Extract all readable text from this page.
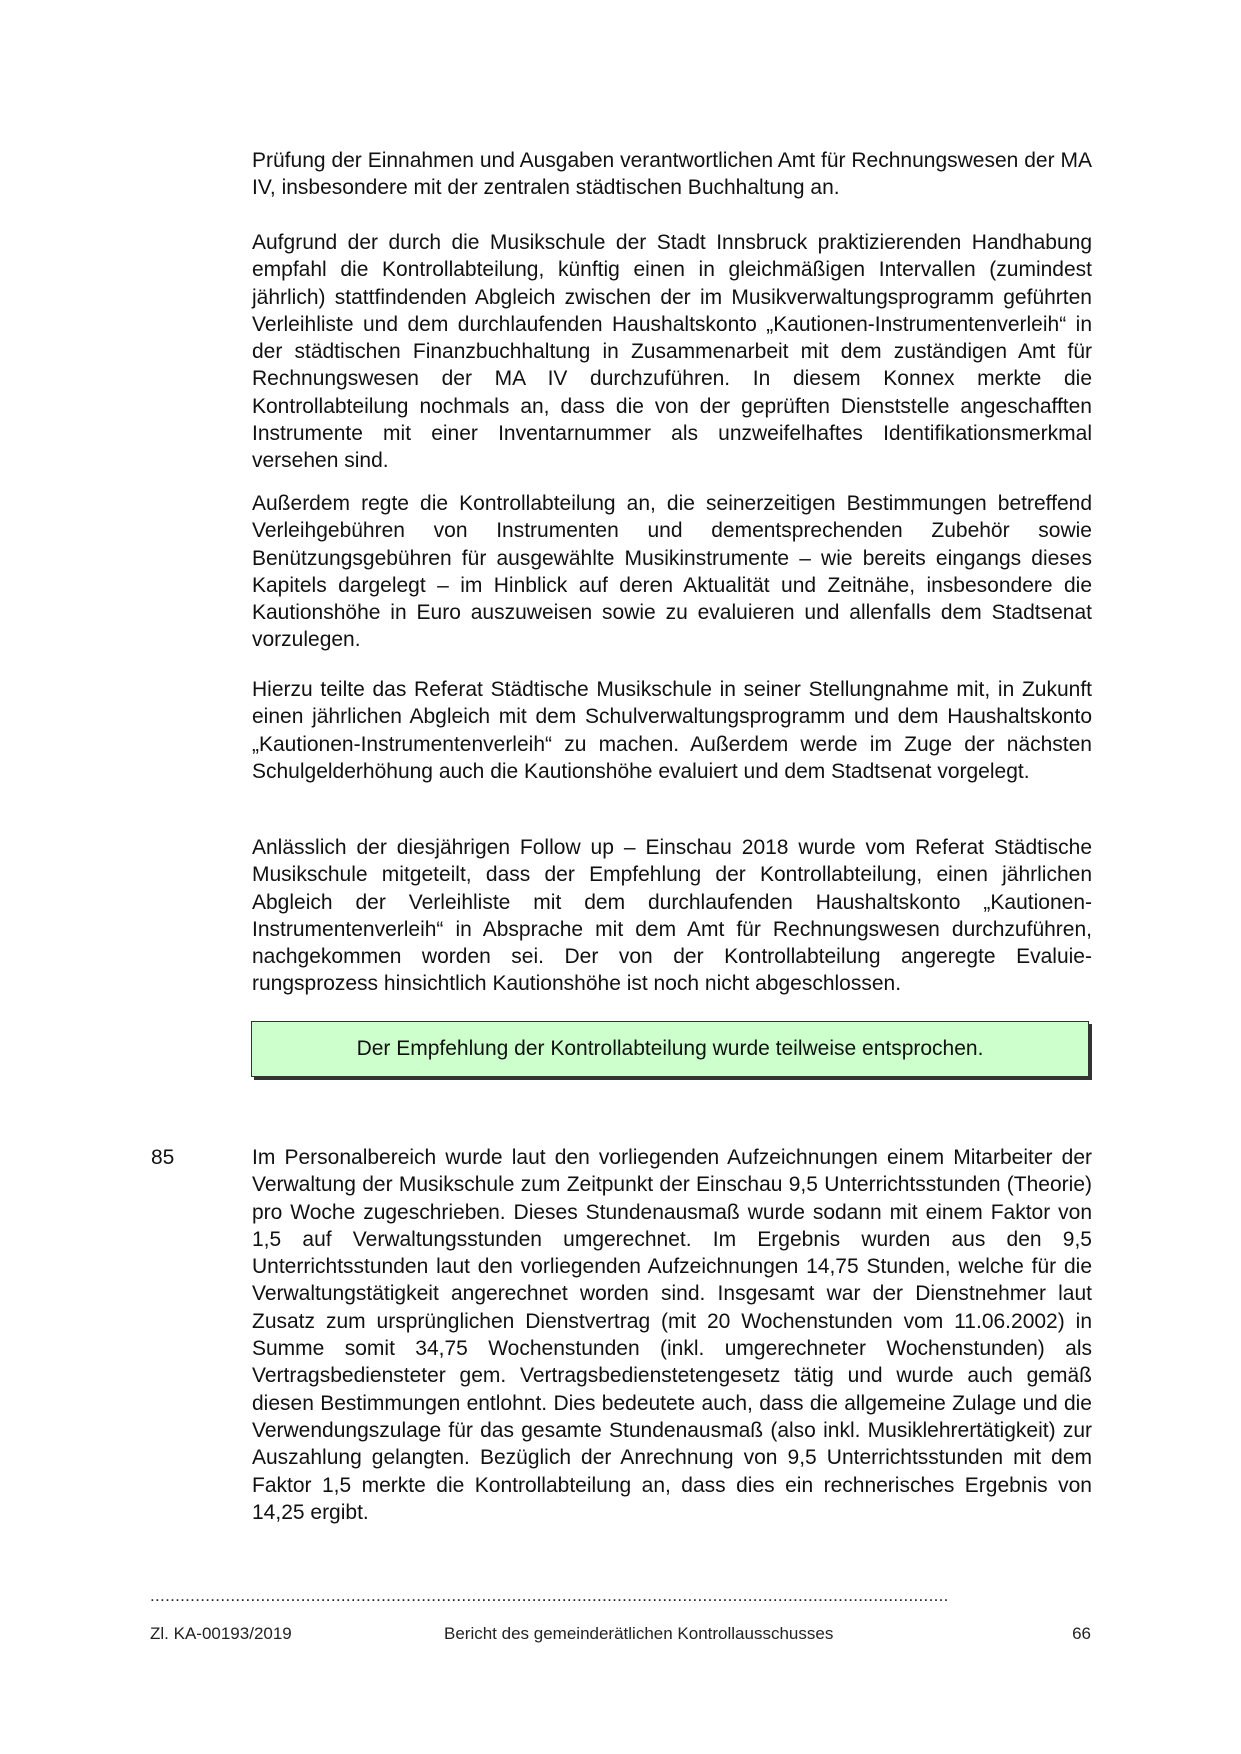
Prüfung der Einnahmen und Ausgaben verantwortlichen Amt für Rechnungswesen der MA IV, insbesondere mit der zentralen städtischen Buchhaltung an.

Aufgrund der durch die Musikschule der Stadt Innsbruck praktizierenden Handhabung empfahl die Kontrollabteilung, künftig einen in gleichmäßigen Intervallen (zumindest jährlich) stattfindenden Abgleich zwischen der im Musikverwaltungsprogramm geführten Verleihliste und dem durchlaufenden Haushaltskonto „Kautionen-Instrumentenverleih“ in der städtischen Finanzbuchhaltung in Zusammenarbeit mit dem zuständigen Amt für Rechnungswesen der MA IV durchzuführen. In diesem Konnex merkte die Kontrollabteilung nochmals an, dass die von der geprüften Dienststelle angeschafften Instrumente mit einer Inventarnummer als unzweifelhaftes Identifikationsmerkmal versehen sind.

Außerdem regte die Kontrollabteilung an, die seinerzeitigen Bestimmungen betreffend Verleihgebühren von Instrumenten und dementsprechenden Zubehör sowie Benützungsgebühren für ausgewählte Musikinstrumente – wie bereits eingangs dieses Kapitels dargelegt – im Hinblick auf deren Aktualität und Zeitnähe, insbesondere die Kautionshöhe in Euro auszuweisen sowie zu evaluieren und allenfalls dem Stadtsenat vorzulegen.

Hierzu teilte das Referat Städtische Musikschule in seiner Stellungnahme mit, in Zukunft einen jährlichen Abgleich mit dem Schulverwaltungsprogramm und dem Haushaltskonto „Kautionen-Instrumentenverleih“ zu machen. Außerdem werde im Zuge der nächsten Schulgelderhöhung auch die Kautionshöhe evaluiert und dem Stadtsenat vorgelegt.

Anlässlich der diesjährigen Follow up – Einschau 2018 wurde vom Referat Städtische Musikschule mitgeteilt, dass der Empfehlung der Kontrollabteilung, einen jährlichen Abgleich der Verleihliste mit dem durchlaufenden Haushaltskonto „Kautionen-Instrumentenverleih“ in Absprache mit dem Amt für Rechnungswesen durchzuführen, nachgekommen worden sei. Der von der Kontrollabteilung angeregte Evaluierungsprozess hinsichtlich Kautionshöhe ist noch nicht abgeschlossen.

Der Empfehlung der Kontrollabteilung wurde teilweise entsprochen.
85	Im Personalbereich wurde laut den vorliegenden Aufzeichnungen einem Mitarbeiter der Verwaltung der Musikschule zum Zeitpunkt der Einschau 9,5 Unterrichtsstunden (Theorie) pro Woche zugeschrieben. Dieses Stundenausmaß wurde sodann mit einem Faktor von 1,5 auf Verwaltungsstunden umgerechnet. Im Ergebnis wurden aus den 9,5 Unterrichtsstunden laut den vorliegenden Aufzeichnungen 14,75 Stunden, welche für die Verwaltungstätigkeit angerechnet worden sind. Insgesamt war der Dienstnehmer laut Zusatz zum ursprünglichen Dienstvertrag (mit 20 Wochenstunden vom 11.06.2002) in Summe somit 34,75 Wochenstunden (inkl. umgerechneter Wochenstunden) als Vertragsbediensteter gem. Vertragsbedienstetengesetz tätig und wurde auch gemäß diesen Bestimmungen entlohnt. Dies bedeutete auch, dass die allgemeine Zulage und die Verwendungszulage für das gesamte Stundenausmaß (also inkl. Musiklehrertätigkeit) zur Auszahlung gelangten. Bezüglich der Anrechnung von 9,5 Unterrichtsstunden mit dem Faktor 1,5 merkte die Kontrollabteilung an, dass dies ein rechnerisches Ergebnis von 14,25 ergibt.

...............................................................................................................................................................
Zl. KA-00193/2019	Bericht des gemeinderätlichen Kontrollausschusses	66
